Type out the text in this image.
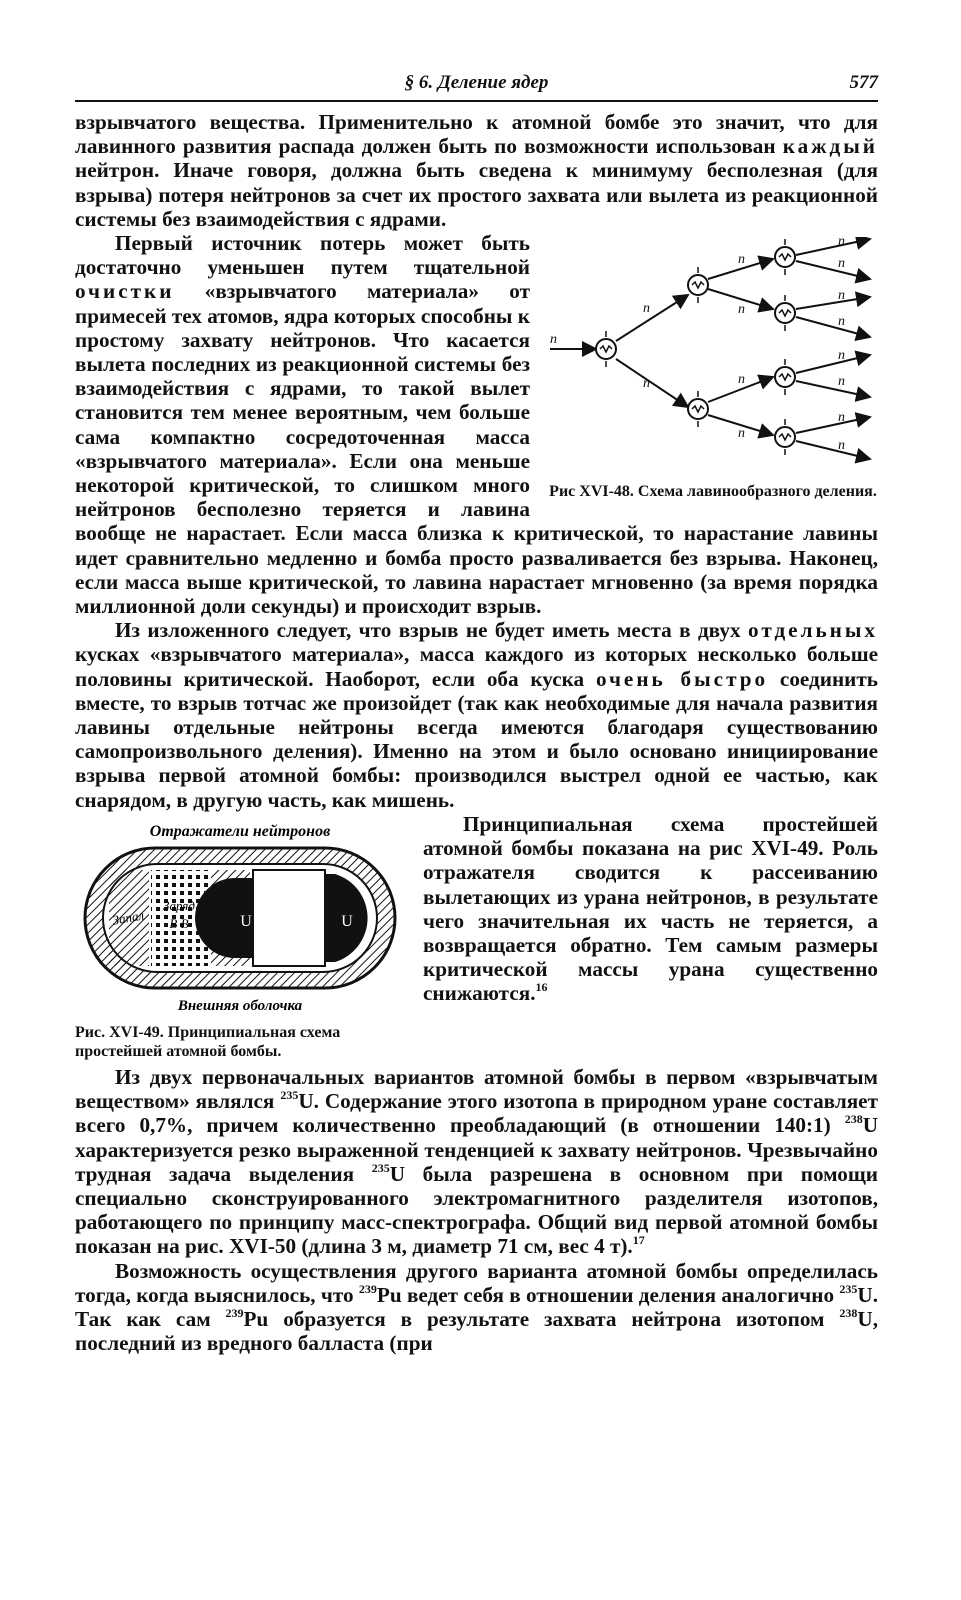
§ 6. Деление ядер	577

взрывчатого вещества. Применительно к атомной бомбе это значит, что для лавинного развития распада должен быть по возможности использован каждый нейтрон. Иначе говоря, должна быть сведена к минимуму бесполезная (для взрыва) потеря нейтронов за счет их простого захвата или вылета из реакционной системы без взаимодействия с ядрами.

n
n
n
n
n
n
n
n
n
n
n
n
n
n
n
Рис XVI-48. Схема лавинообразного деления.

Первый источник потерь может быть достаточно уменьшен путем тщательной очистки «взрывчатого материала» от примесей тех атомов, ядра которых способны к простому захвату нейтронов. Что касается вылета последних из реакционной системы без взаимодействия с ядрами, то такой вылет становится тем менее вероятным, чем больше сама компактно сосредоточенная масса «взрывчатого материала». Если она меньше некоторой критической, то слишком много нейтронов бесполезно теряется и лавина вообще не нарастает. Если масса близка к критической, то нарастание лавины идет сравнительно медленно и бомба просто разваливается без взрыва. Наконец, если масса выше критической, то лавина нарастает мгновенно (за время порядка миллионной доли секунды) и происходит взрыв.

Из изложенного следует, что взрыв не будет иметь места в двух отдельных кусках «взрывчатого материала», масса каждого из которых несколько больше половины критической. Наоборот, если оба куска очень быстро соединить вместе, то взрыв тотчас же произойдет (так как необходимые для начала развития лавины отдельные нейтроны всегда имеются благодаря существованию самопроизвольного деления). Именно на этом и было основано инициирование взрыва первой атомной бомбы: производился выстрел одной ее частью, как снарядом, в другую часть, как мишень.

Отражатели нейтронов
U	U
Запал
Заряд
В В
Внешняя оболочка
Рис. XVI-49. Принципиальная схема простейшей атомной бомбы.

Принципиальная схема простейшей атомной бомбы показана на рис XVI-49. Роль отражателя сводится к рассеиванию вылетающих из урана нейтронов, в результате чего значительная их часть не теряется, а возвращается обратно. Тем самым размеры критической массы урана существенно снижаются.$^{16}$

Из двух первоначальных вариантов атомной бомбы в первом «взрывчатым веществом» являлся $^{235}$U. Содержание этого изотопа в природном уране составляет всего 0,7%, причем количественно преобладающий (в отношении 140:1) $^{238}$U характеризуется резко выраженной тенденцией к захвату нейтронов. Чрезвычайно трудная задача выделения $^{235}$U была разрешена в основном при помощи специально сконструированного электромагнитного разделителя изотопов, работающего по принципу масс-спектрографа. Общий вид первой атомной бомбы показан на рис. XVI-50 (длина 3 м, диаметр 71 см, вес 4 т).$^{17}$

Возможность осуществления другого варианта атомной бомбы определилась тогда, когда выяснилось, что $^{239}$Pu ведет себя в отношении деления аналогично $^{235}$U. Так как сам $^{239}$Pu образуется в результате захвата нейтрона изотопом $^{238}$U, последний из вредного балласта (при
